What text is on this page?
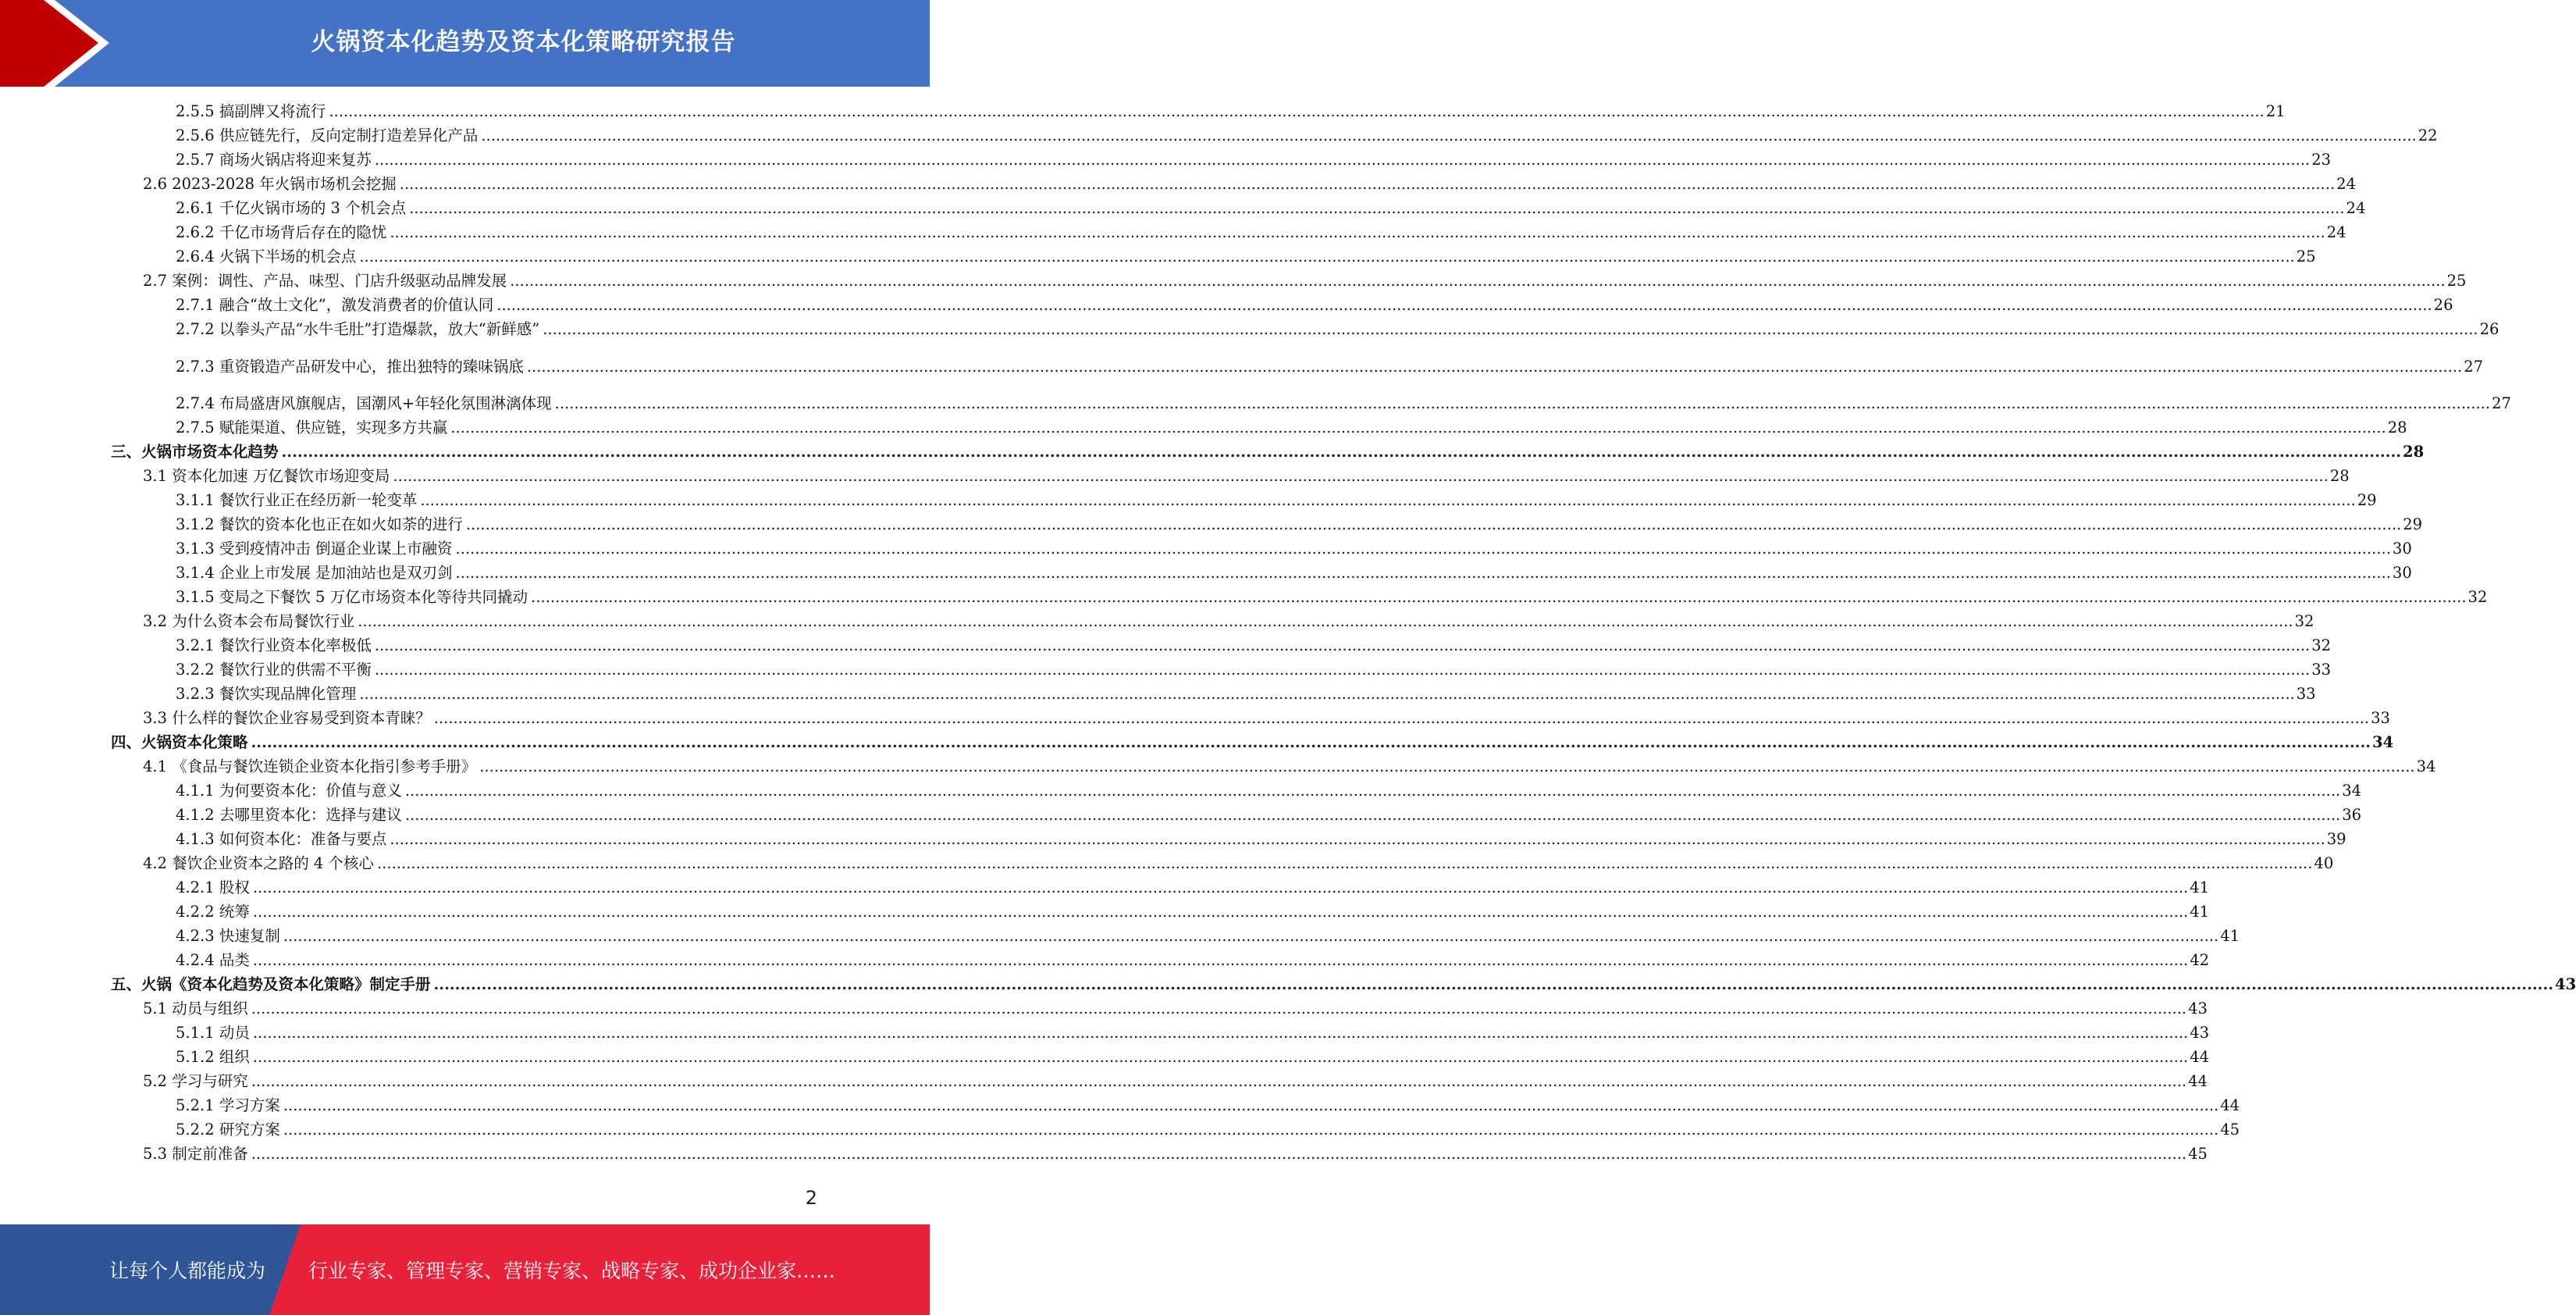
火锅资本化趋势及资本化策略研究报告
2.5.5 搞副牌又将流行 ................................................................................................................................................................................................................................................................................................................................................................................................................ 21
2.5.6 供应链先行，反向定制打造差异化产品 ................................................................................................................................................................................................................................................................................................................................................................................................................ 22
2.5.7 商场火锅店将迎来复苏 ................................................................................................................................................................................................................................................................................................................................................................................................................ 23
2.6 2023-2028 年火锅市场机会挖掘 ................................................................................................................................................................................................................................................................................................................................................................................................................ 24
2.6.1 千亿火锅市场的 3 个机会点 ................................................................................................................................................................................................................................................................................................................................................................................................................ 24
2.6.2 千亿市场背后存在的隐忧 ................................................................................................................................................................................................................................................................................................................................................................................................................ 24
2.6.4 火锅下半场的机会点 ................................................................................................................................................................................................................................................................................................................................................................................................................ 25
2.7 案例：调性、产品、味型、门店升级驱动品牌发展 ................................................................................................................................................................................................................................................................................................................................................................................................................ 25
2.7.1 融合“故土文化”，激发消费者的价值认同 ................................................................................................................................................................................................................................................................................................................................................................................................................ 26
2.7.2 以拳头产品“水牛毛肚”打造爆款，放大“新鲜感” ................................................................................................................................................................................................................................................................................................................................................................................................................ 26
2.7.3 重资锻造产品研发中心，推出独特的臻味锅底 ................................................................................................................................................................................................................................................................................................................................................................................................................ 27
2.7.4 布局盛唐风旗舰店，国潮风+年轻化氛围淋漓体现 ................................................................................................................................................................................................................................................................................................................................................................................................................ 27
2.7.5 赋能渠道、供应链，实现多方共赢 ................................................................................................................................................................................................................................................................................................................................................................................................................ 28
三、火锅市场资本化趋势 ................................................................................................................................................................................................................................................................................................................................................................................................................ 28
3.1 资本化加速 万亿餐饮市场迎变局 ................................................................................................................................................................................................................................................................................................................................................................................................................ 28
3.1.1 餐饮行业正在经历新一轮变革 ................................................................................................................................................................................................................................................................................................................................................................................................................ 29
3.1.2 餐饮的资本化也正在如火如荼的进行 ................................................................................................................................................................................................................................................................................................................................................................................................................ 29
3.1.3 受到疫情冲击 倒逼企业谋上市融资 ................................................................................................................................................................................................................................................................................................................................................................................................................ 30
3.1.4 企业上市发展 是加油站也是双刃剑 ................................................................................................................................................................................................................................................................................................................................................................................................................ 30
3.1.5 变局之下餐饮 5 万亿市场资本化等待共同撬动 ................................................................................................................................................................................................................................................................................................................................................................................................................ 32
3.2 为什么资本会布局餐饮行业 ................................................................................................................................................................................................................................................................................................................................................................................................................ 32
3.2.1 餐饮行业资本化率极低 ................................................................................................................................................................................................................................................................................................................................................................................................................ 32
3.2.2 餐饮行业的供需不平衡 ................................................................................................................................................................................................................................................................................................................................................................................................................ 33
3.2.3 餐饮实现品牌化管理 ................................................................................................................................................................................................................................................................................................................................................................................................................ 33
3.3 什么样的餐饮企业容易受到资本青睐？ ................................................................................................................................................................................................................................................................................................................................................................................................................ 33
四、火锅资本化策略 ................................................................................................................................................................................................................................................................................................................................................................................................................ 34
4.1 《食品与餐饮连锁企业资本化指引参考手册》 ................................................................................................................................................................................................................................................................................................................................................................................................................ 34
4.1.1 为何要资本化：价值与意义 ................................................................................................................................................................................................................................................................................................................................................................................................................ 34
4.1.2 去哪里资本化：选择与建议 ................................................................................................................................................................................................................................................................................................................................................................................................................ 36
4.1.3 如何资本化：准备与要点 ................................................................................................................................................................................................................................................................................................................................................................................................................ 39
4.2 餐饮企业资本之路的 4 个核心 ................................................................................................................................................................................................................................................................................................................................................................................................................ 40
4.2.1 股权 ................................................................................................................................................................................................................................................................................................................................................................................................................ 41
4.2.2 统筹 ................................................................................................................................................................................................................................................................................................................................................................................................................ 41
4.2.3 快速复制 ................................................................................................................................................................................................................................................................................................................................................................................................................ 41
4.2.4 品类 ................................................................................................................................................................................................................................................................................................................................................................................................................ 42
五、火锅《资本化趋势及资本化策略》制定手册 ................................................................................................................................................................................................................................................................................................................................................................................................................ 43
5.1 动员与组织 ................................................................................................................................................................................................................................................................................................................................................................................................................ 43
5.1.1 动员 ................................................................................................................................................................................................................................................................................................................................................................................................................ 43
5.1.2 组织 ................................................................................................................................................................................................................................................................................................................................................................................................................ 44
5.2 学习与研究 ................................................................................................................................................................................................................................................................................................................................................................................................................ 44
5.2.1 学习方案 ................................................................................................................................................................................................................................................................................................................................................................................................................ 44
5.2.2 研究方案 ................................................................................................................................................................................................................................................................................................................................................................................................................ 45
5.3 制定前准备 ................................................................................................................................................................................................................................................................................................................................................................................................................ 45
2
让每个人都能成为 行业专家、管理专家、营销专家、战略专家、成功企业家……
